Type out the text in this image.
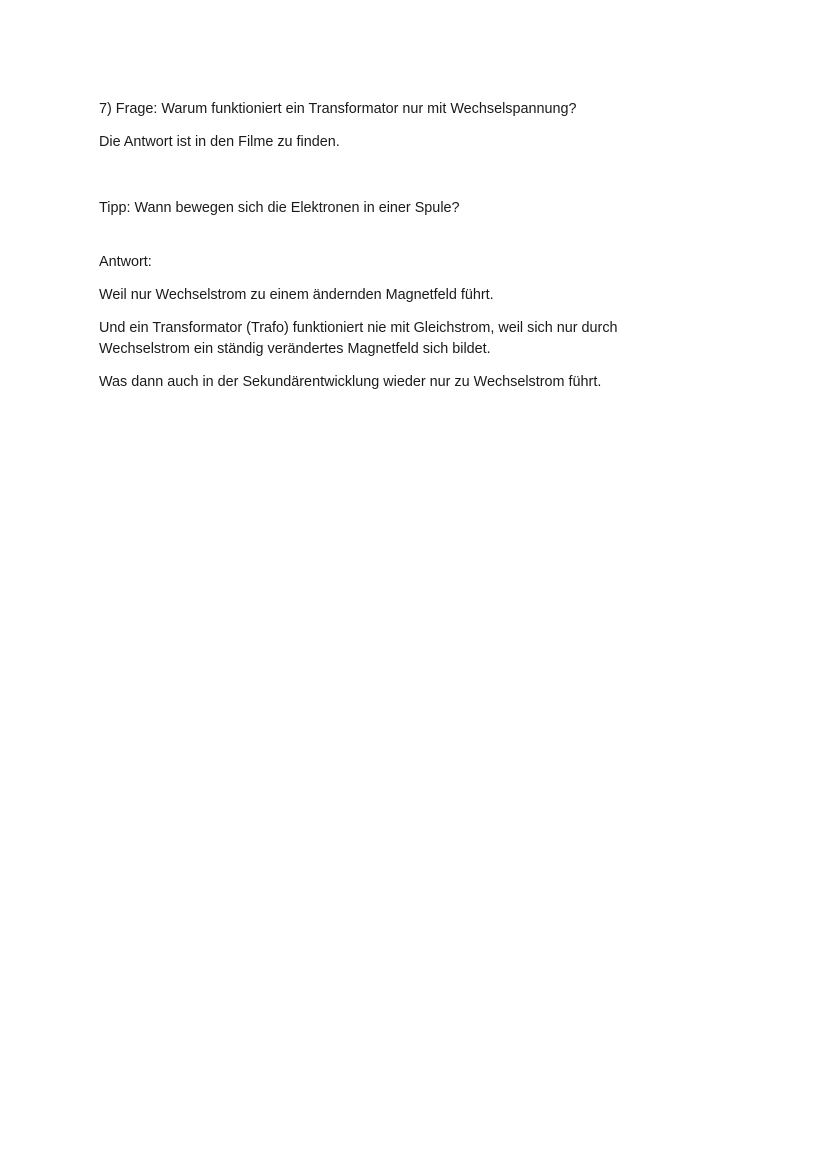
7) Frage: Warum funktioniert ein Transformator nur mit Wechselspannung?

Die Antwort ist in den Filme zu finden.

Tipp: Wann bewegen sich die Elektronen in einer Spule?

Antwort:

Weil nur Wechselstrom zu einem ändernden Magnetfeld führt.

Und ein Transformator (Trafo) funktioniert nie mit Gleichstrom, weil sich nur durch Wechselstrom ein ständig verändertes Magnetfeld sich bildet.

Was dann auch in der Sekundärentwicklung wieder nur zu Wechselstrom führt.
